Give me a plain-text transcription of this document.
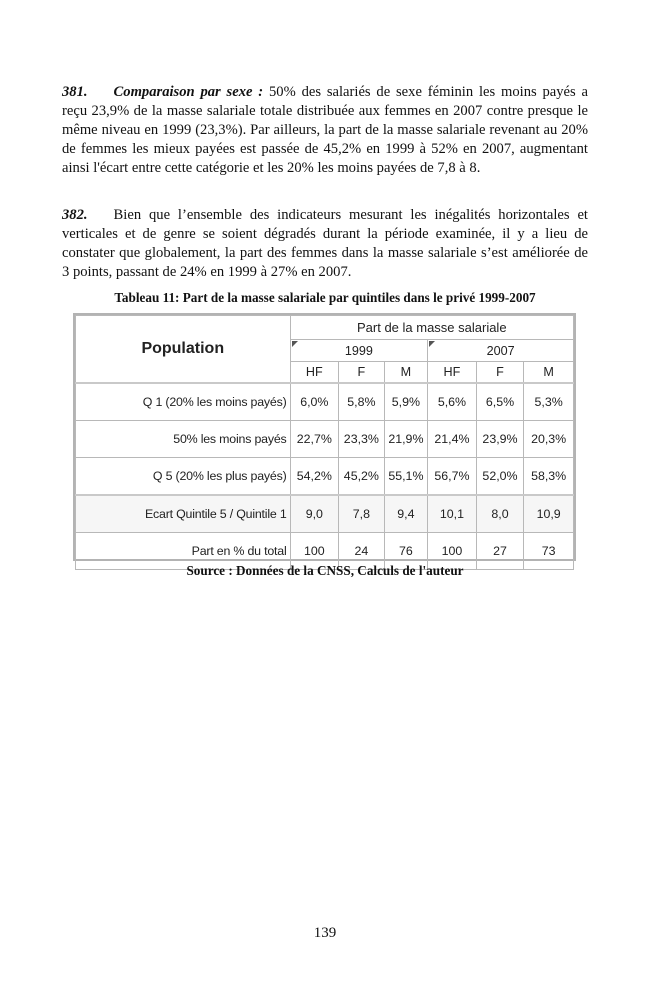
381. Comparaison par sexe : 50% des salariés de sexe féminin les moins payés a reçu 23,9% de la masse salariale totale distribuée aux femmes en 2007 contre presque le même niveau en 1999 (23,3%). Par ailleurs, la part de la masse salariale revenant au 20% de femmes les mieux payées est passée de 45,2% en 1999 à 52% en 2007, augmentant ainsi l'écart entre cette catégorie et les 20% les moins payées de 7,8 à 8.

382. Bien que l’ensemble des indicateurs mesurant les inégalités horizontales et verticales et de genre se soient dégradés durant la période examinée, il y a lieu de constater que globalement, la part des femmes dans la masse salariale s’est améliorée de 3 points, passant de 24% en 1999 à 27% en 2007.

Tableau 11: Part de la masse salariale par quintiles dans le privé 1999-2007
Population	Part de la masse salariale					

1999			2007		
	HF	F	M	HF	F	M
Q 1 (20% les moins payés)	6,0%	5,8%	5,9%	5,6%	6,5%	5,3%
50% les moins payés	22,7%	23,3%	21,9%	21,4%	23,9%	20,3%
Q 5 (20% les plus payés)	54,2%	45,2%	55,1%	56,7%	52,0%	58,3%
Ecart Quintile 5 / Quintile 1	9,0	7,8	9,4	10,1	8,0	10,9
Part en % du total	100	24	76	100	27	73
Source : Données de la CNSS, Calculs de l'auteur
139
